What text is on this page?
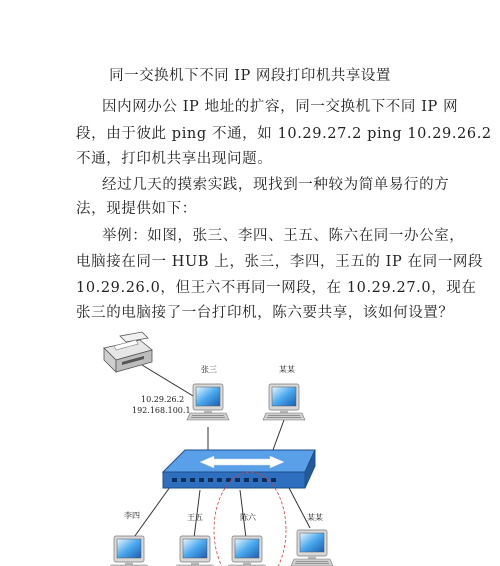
同一交换机下不同 IP 网段打印机共享设置
因内网办公 IP 地址的扩容，同一交换机下不同 IP 网
段，由于彼此 ping 不通，如 10.29.27.2 ping 10.29.26.2
不通，打印机共享出现问题。
经过几天的摸索实践，现找到一种较为简单易行的方
法，现提供如下：
举例：如图，张三、李四、王五、陈六在同一办公室，
电脑接在同一 HUB 上，张三，李四，王五的 IP 在同一网段
10.29.26.0，但王六不再同一网段，在 10.29.27.0，现在
张三的电脑接了一台打印机，陈六要共享，该如何设置？
张三	某某
10.29.26.2
192.168.100.1
李四	王五	陈六	某某
